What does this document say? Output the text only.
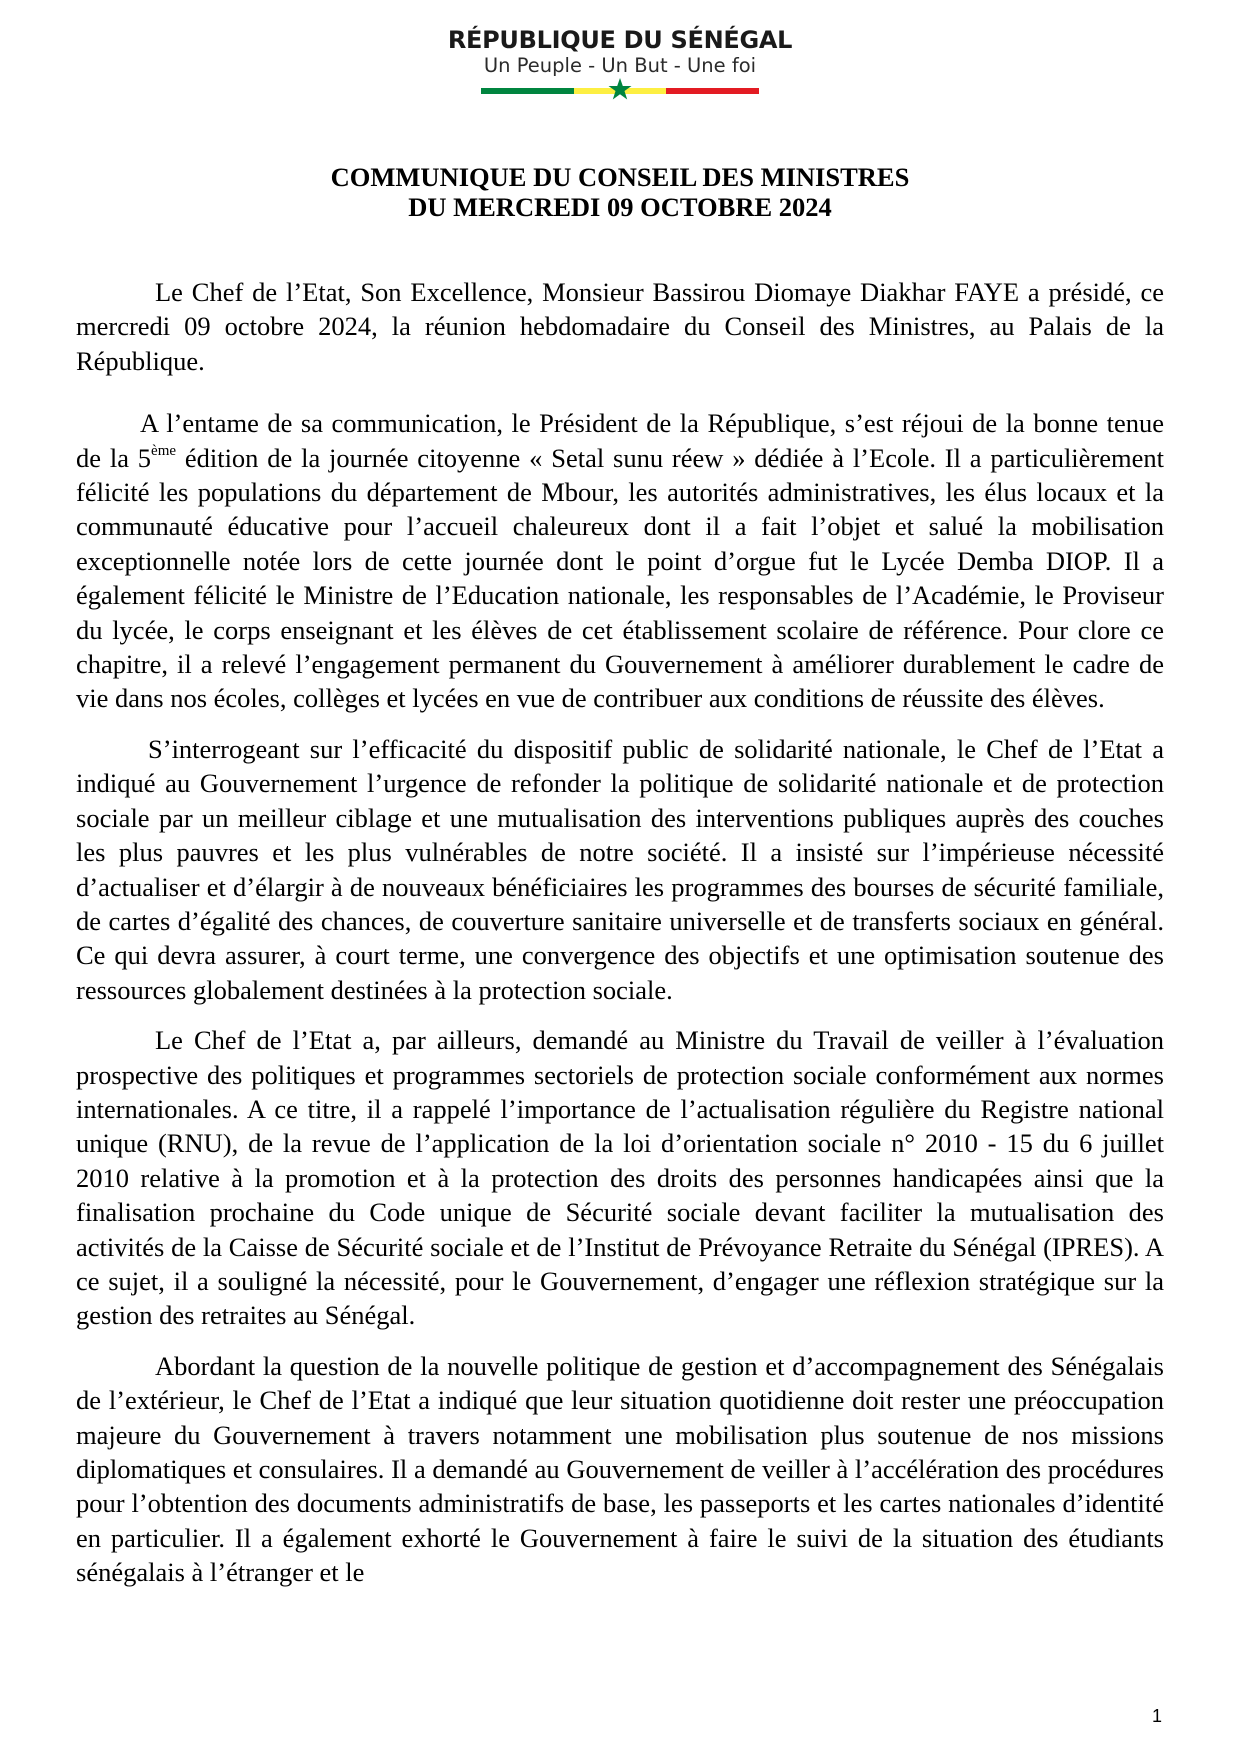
RÉPUBLIQUE DU SÉNÉGAL
Un Peuple - Un But - Une foi
COMMUNIQUE DU CONSEIL DES MINISTRES
DU MERCREDI 09 OCTOBRE 2024

Le Chef de l’Etat, Son Excellence, Monsieur Bassirou Diomaye Diakhar FAYE a présidé, ce mercredi 09 octobre 2024, la réunion hebdomadaire du Conseil des Ministres, au Palais de la République.

A l’entame de sa communication, le Président de la République, s’est réjoui de la bonne tenue de la 5ème édition de la journée citoyenne « Setal sunu réew » dédiée à l’Ecole. Il a particulièrement félicité les populations du département de Mbour, les autorités administratives, les élus locaux et la communauté éducative pour l’accueil chaleureux dont il a fait l’objet et salué la mobilisation exceptionnelle notée lors de cette journée dont le point d’orgue fut le Lycée Demba DIOP. Il a également félicité le Ministre de l’Education nationale, les responsables de l’Académie, le Proviseur du lycée, le corps enseignant et les élèves de cet établissement scolaire de référence. Pour clore ce chapitre, il a relevé l’engagement permanent du Gouvernement à améliorer durablement le cadre de vie dans nos écoles, collèges et lycées en vue de contribuer aux conditions de réussite des élèves.

S’interrogeant sur l’efficacité du dispositif public de solidarité nationale, le Chef de l’Etat a indiqué au Gouvernement l’urgence de refonder la politique de solidarité nationale et de protection sociale par un meilleur ciblage et une mutualisation des interventions publiques auprès des couches les plus pauvres et les plus vulnérables de notre société. Il a insisté sur l’impérieuse nécessité d’actualiser et d’élargir à de nouveaux bénéficiaires les programmes des bourses de sécurité familiale, de cartes d’égalité des chances, de couverture sanitaire universelle et de transferts sociaux en général. Ce qui devra assurer, à court terme, une convergence des objectifs et une optimisation soutenue des ressources globalement destinées à la protection sociale.

Le Chef de l’Etat a, par ailleurs, demandé au Ministre du Travail de veiller à l’évaluation prospective des politiques et programmes sectoriels de protection sociale conformément aux normes internationales. A ce titre, il a rappelé l’importance de l’actualisation régulière du Registre national unique (RNU), de la revue de l’application de la loi d’orientation sociale n° 2010 - 15 du 6 juillet 2010 relative à la promotion et à la protection des droits des personnes handicapées ainsi que la finalisation prochaine du Code unique de Sécurité sociale devant faciliter la mutualisation des activités de la Caisse de Sécurité sociale et de l’Institut de Prévoyance Retraite du Sénégal (IPRES). A ce sujet, il a souligné la nécessité, pour le Gouvernement, d’engager une réflexion stratégique sur la gestion des retraites au Sénégal.

Abordant la question de la nouvelle politique de gestion et d’accompagnement des Sénégalais de l’extérieur, le Chef de l’Etat a indiqué que leur situation quotidienne doit rester une préoccupation majeure du Gouvernement à travers notamment une mobilisation plus soutenue de nos missions diplomatiques et consulaires. Il a demandé au Gouvernement de veiller à l’accélération des procédures pour l’obtention des documents administratifs de base, les passeports et les cartes nationales d’identité en particulier. Il a également exhorté le Gouvernement à faire le suivi de la situation des étudiants sénégalais à l’étranger et le

1
